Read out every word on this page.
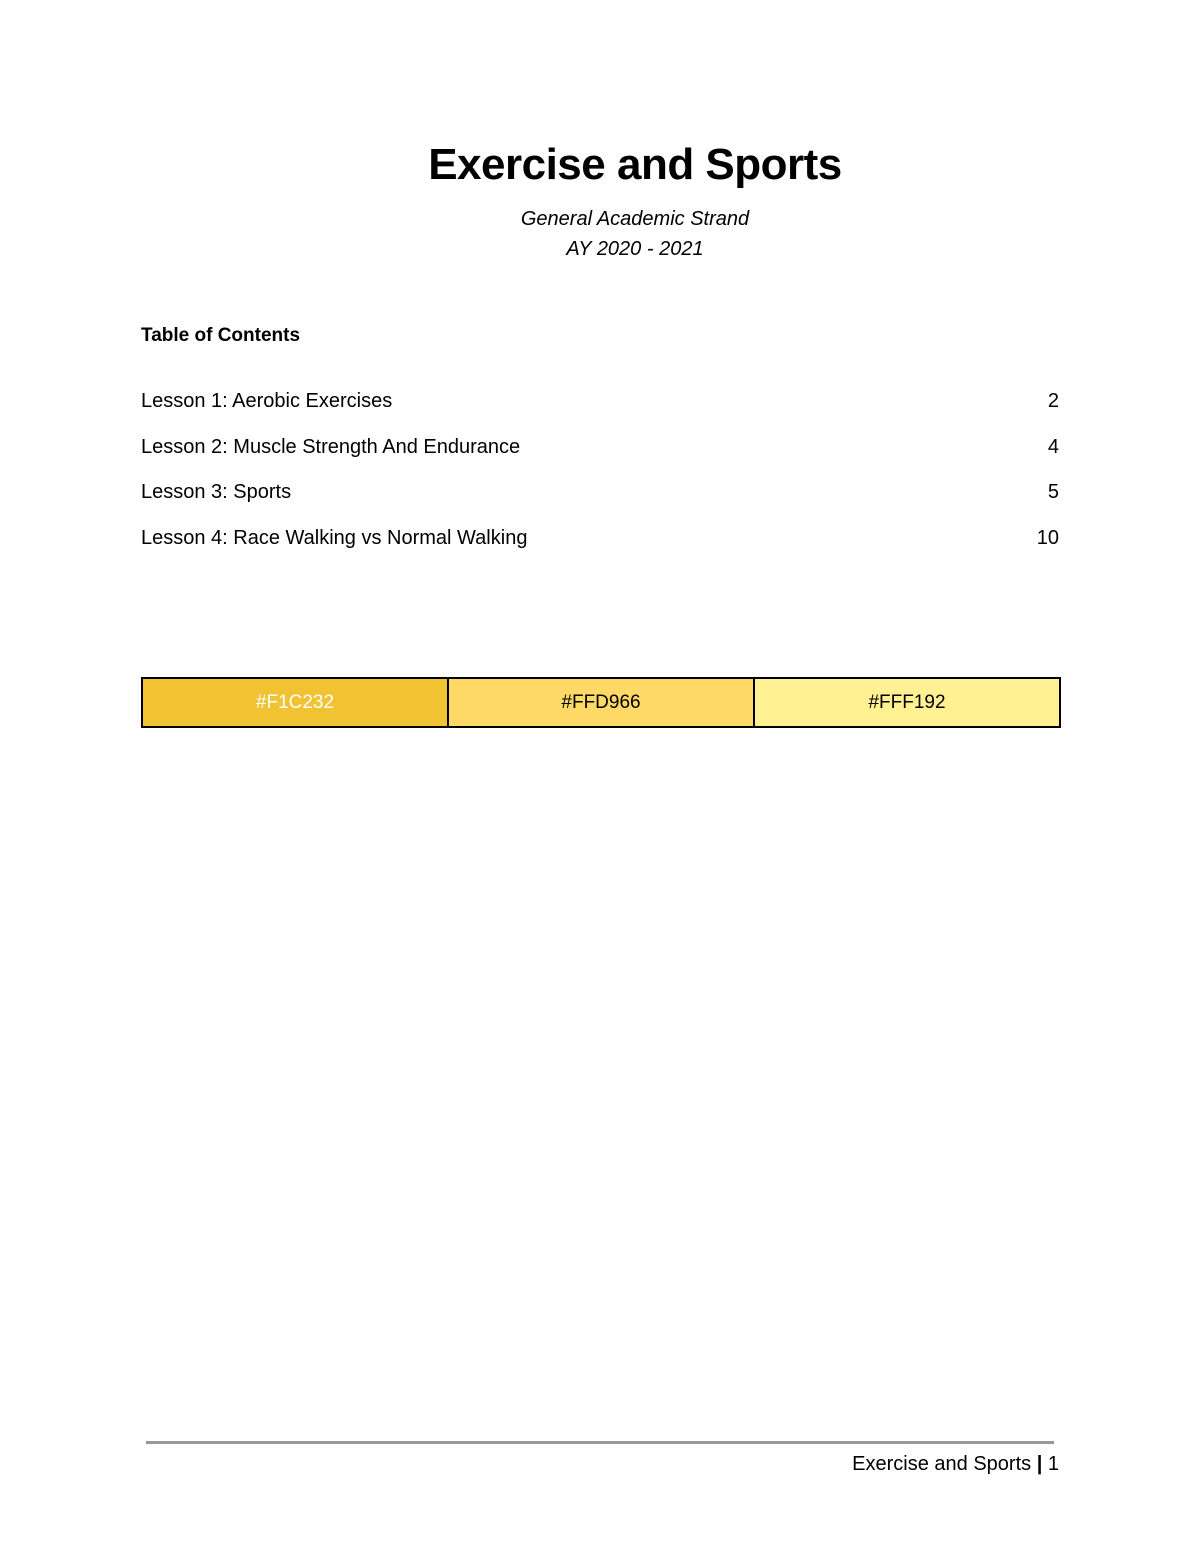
Exercise and Sports
General Academic Strand
AY 2020 - 2021
Table of Contents
Lesson 1: Aerobic Exercises	2
Lesson 2: Muscle Strength And Endurance	4
Lesson 3: Sports	5
Lesson 4: Race Walking vs Normal Walking	10
#F1C232	#FFD966	#FFF192
Exercise and Sports | 1
